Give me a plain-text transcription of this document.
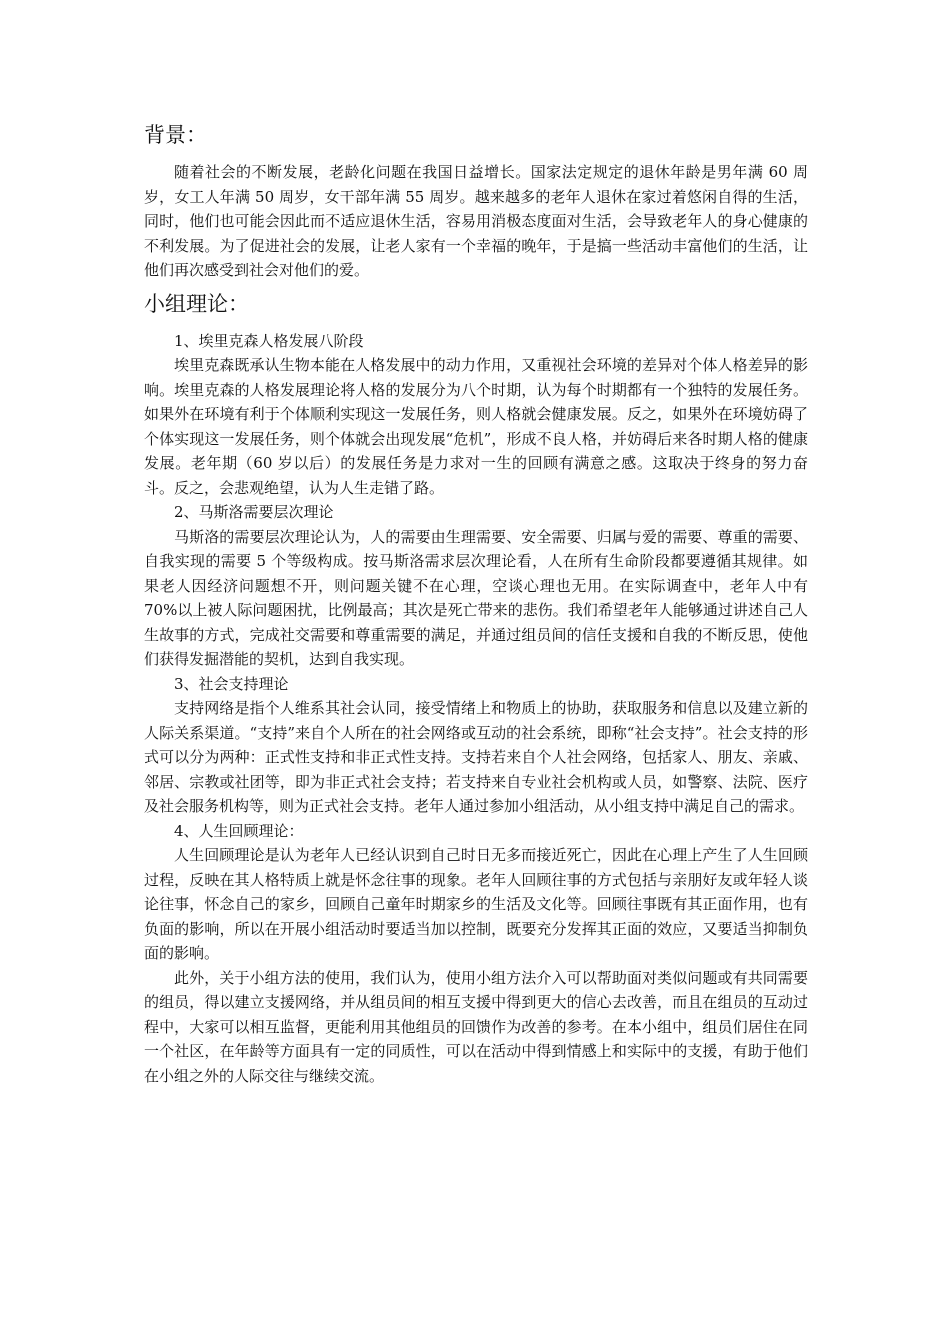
背景：

随着社会的不断发展，老龄化问题在我国日益增长。国家法定规定的退休年龄是男年满 60 周岁，女工人年满 50 周岁，女干部年满 55 周岁。越来越多的老年人退休在家过着悠闲自得的生活，同时，他们也可能会因此而不适应退休生活，容易用消极态度面对生活，会导致老年人的身心健康的不利发展。为了促进社会的发展，让老人家有一个幸福的晚年，于是搞一些活动丰富他们的生活，让他们再次感受到社会对他们的爱。

小组理论：
1、埃里克森人格发展八阶段

埃里克森既承认生物本能在人格发展中的动力作用，又重视社会环境的差异对个体人格差异的影响。埃里克森的人格发展理论将人格的发展分为八个时期，认为每个时期都有一个独特的发展任务。如果外在环境有利于个体顺利实现这一发展任务，则人格就会健康发展。反之，如果外在环境妨碍了个体实现这一发展任务，则个体就会出现发展“危机”，形成不良人格，并妨碍后来各时期人格的健康发展。老年期（60 岁以后）的发展任务是力求对一生的回顾有满意之感。这取决于终身的努力奋斗。反之，会悲观绝望，认为人生走错了路。

2、马斯洛需要层次理论

马斯洛的需要层次理论认为，人的需要由生理需要、安全需要、归属与爱的需要、尊重的需要、自我实现的需要 5 个等级构成。按马斯洛需求层次理论看，人在所有生命阶段都要遵循其规律。如果老人因经济问题想不开，则问题关键不在心理，空谈心理也无用。在实际调查中，老年人中有 70%以上被人际问题困扰，比例最高；其次是死亡带来的悲伤。我们希望老年人能够通过讲述自己人生故事的方式，完成社交需要和尊重需要的满足，并通过组员间的信任支援和自我的不断反思，使他们获得发掘潜能的契机，达到自我实现。

3、社会支持理论

支持网络是指个人维系其社会认同，接受情绪上和物质上的协助，获取服务和信息以及建立新的人际关系渠道。“支持”来自个人所在的社会网络或互动的社会系统，即称“社会支持”。社会支持的形式可以分为两种：正式性支持和非正式性支持。支持若来自个人社会网络，包括家人、朋友、亲戚、邻居、宗教或社团等，即为非正式社会支持；若支持来自专业社会机构或人员，如警察、法院、医疗及社会服务机构等，则为正式社会支持。老年人通过参加小组活动，从小组支持中满足自己的需求。

4、人生回顾理论：

人生回顾理论是认为老年人已经认识到自己时日无多而接近死亡，因此在心理上产生了人生回顾过程，反映在其人格特质上就是怀念往事的现象。老年人回顾往事的方式包括与亲朋好友或年轻人谈论往事，怀念自己的家乡，回顾自己童年时期家乡的生活及文化等。回顾往事既有其正面作用，也有负面的影响，所以在开展小组活动时要适当加以控制，既要充分发挥其正面的效应，又要适当抑制负面的影响。

此外，关于小组方法的使用，我们认为，使用小组方法介入可以帮助面对类似问题或有共同需要的组员，得以建立支援网络，并从组员间的相互支援中得到更大的信心去改善，而且在组员的互动过程中，大家可以相互监督，更能利用其他组员的回馈作为改善的参考。在本小组中，组员们居住在同一个社区，在年龄等方面具有一定的同质性，可以在活动中得到情感上和实际中的支援，有助于他们在小组之外的人际交往与继续交流。
